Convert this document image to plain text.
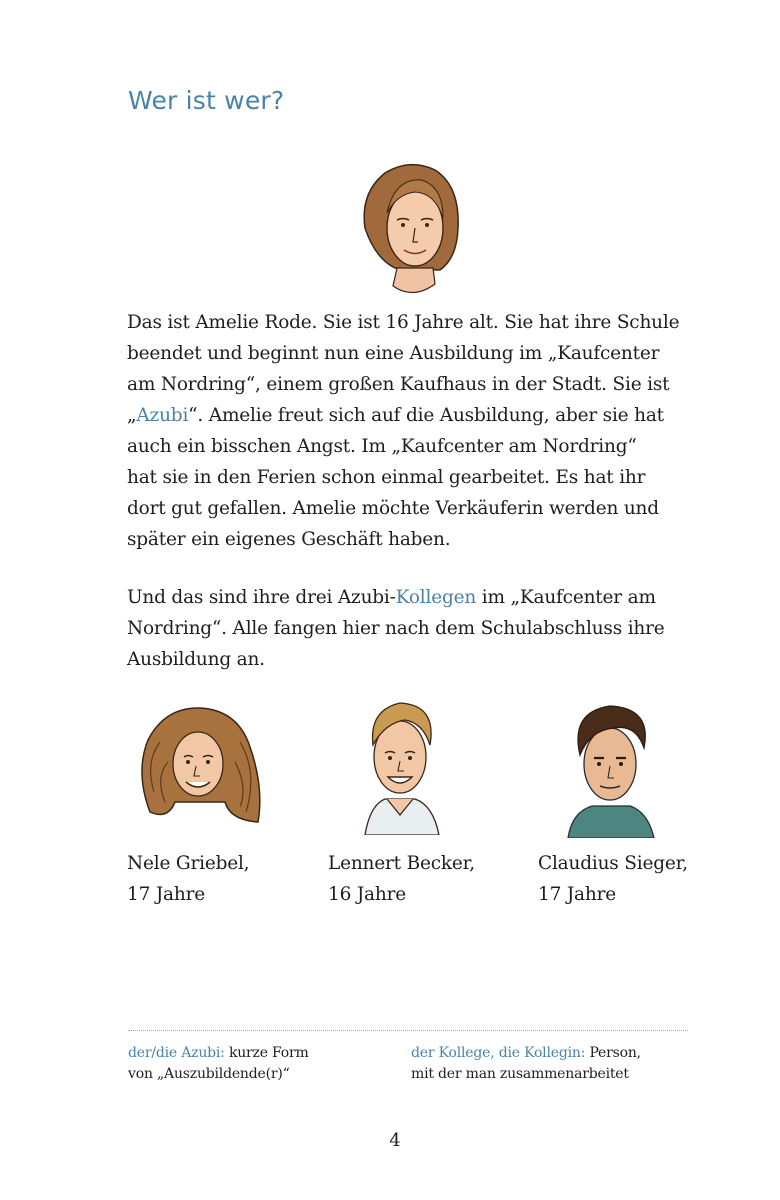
Wer ist wer?
Das ist Amelie Rode. Sie ist 16 Jahre alt. Sie hat ihre Schule
beendet und beginnt nun eine Ausbildung im „Kaufcenter
am Nordring“, einem großen Kaufhaus in der Stadt. Sie ist
„Azubi“. Amelie freut sich auf die Ausbildung, aber sie hat
auch ein bisschen Angst. Im „Kaufcenter am Nordring“
hat sie in den Ferien schon einmal gearbeitet. Es hat ihr
dort gut gefallen. Amelie möchte Verkäuferin werden und
später ein eigenes Geschäft haben.
Und das sind ihre drei Azubi-Kollegen im „Kaufcenter am
Nordring“. Alle fangen hier nach dem Schulabschluss ihre
Ausbildung an.
Nele Griebel,
17 Jahre
Lennert Becker,
16 Jahre
Claudius Sieger,
17 Jahre
der/die Azubi: kurze Form
von „Auszubildende(r)“
der Kollege, die Kollegin: Person,
mit der man zusammenarbeitet
4
